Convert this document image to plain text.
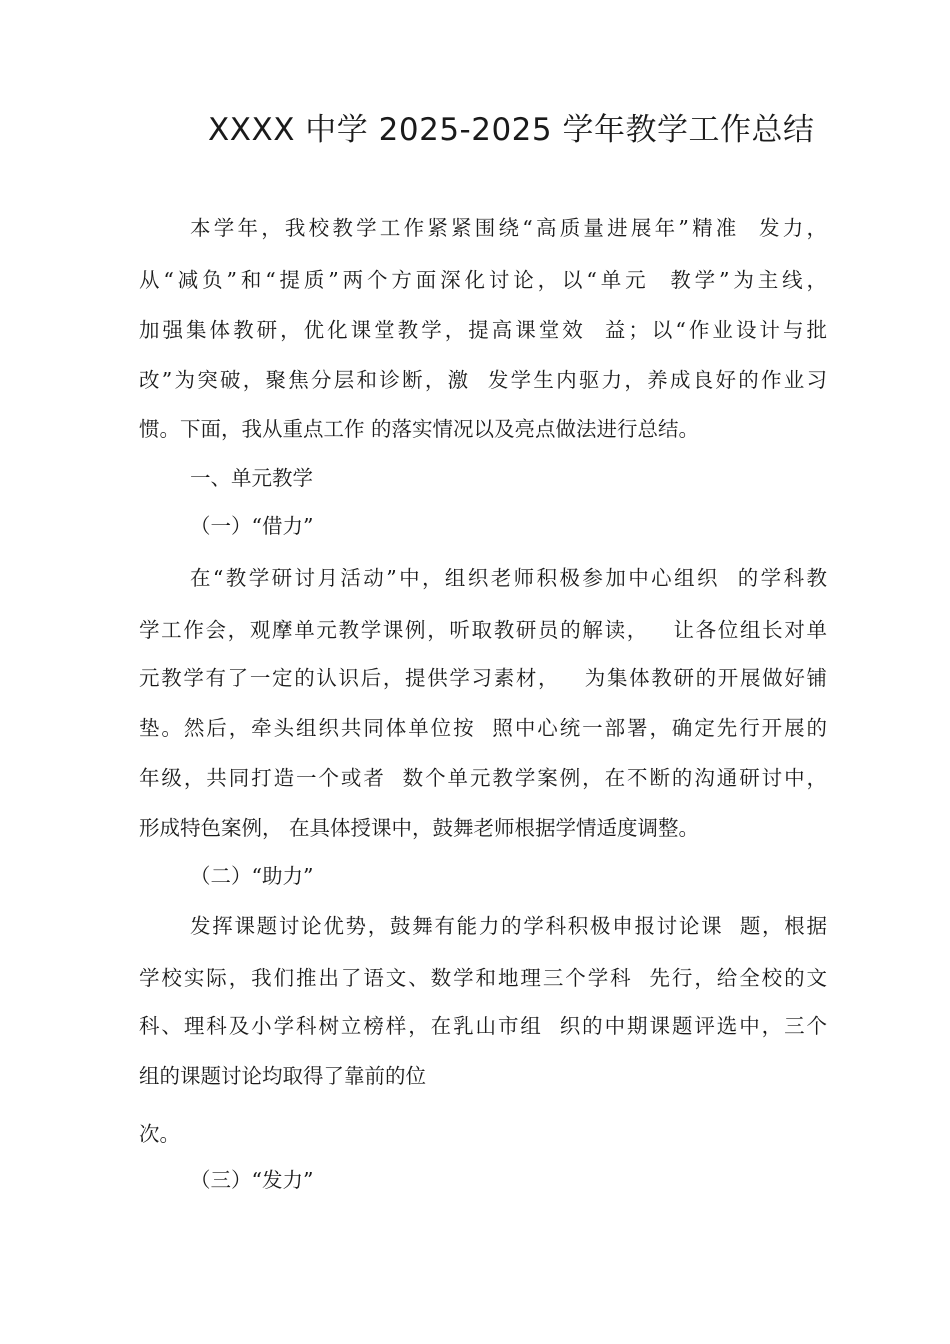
XXXX 中学 2025-2025 学年教学工作总结
本学年，我校教学工作紧紧围绕“高质量进展年”精准  发力，
从“减负”和“提质”两个方面深化讨论，以“单元  教学”为主线，
加强集体教研，优化课堂教学，提高课堂效  益；以“作业设计与批
改”为突破，聚焦分层和诊断，激  发学生内驱力，养成良好的作业习
惯。下面，我从重点工作 的落实情况以及亮点做法进行总结。
一、单元教学
（一）“借力”
在“教学研讨月活动”中，组织老师积极参加中心组织  的学科教
学工作会，观摩单元教学课例，听取教研员的解读，   让各位组长对单
元教学有了一定的认识后，提供学习素材，   为集体教研的开展做好铺
垫。然后，牵头组织共同体单位按  照中心统一部署，确定先行开展的
年级，共同打造一个或者  数个单元教学案例，在不断的沟通研讨中，
形成特色案例， 在具体授课中，鼓舞老师根据学情适度调整。
（二）“助力”
发挥课题讨论优势，鼓舞有能力的学科积极申报讨论课  题，根据
学校实际，我们推出了语文、数学和地理三个学科  先行，给全校的文
科、理科及小学科树立榜样，在乳山市组  织的中期课题评选中，三个
组的课题讨论均取得了靠前的位
次。
（三）“发力”
